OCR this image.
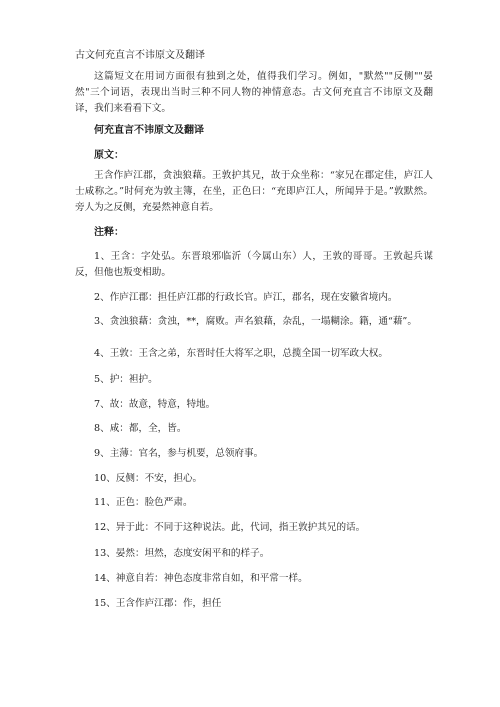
古文何充直言不讳原文及翻译

这篇短文在用词方面很有独到之处，值得我们学习。例如，"默然""反侧""晏然"三个词语，表现出当时三种不同人物的神情意态。古文何充直言不讳原文及翻译，我们来看看下文。

何充直言不讳原文及翻译
原文：

王含作庐江郡，贪浊狼藉。王敦护其兄，故于众坐称：“家兄在郡定佳，庐江人士咸称之。”时何充为敦主簿，在坐，正色曰：“充即庐江人，所闻异于是。”敦默然。旁人为之反侧，充晏然神意自若。

注释：

1、王含：字处弘。东晋琅邪临沂（今属山东）人，王敦的哥哥。王敦起兵谋反，但他也叛变相助。

2、作庐江郡：担任庐江郡的行政长官。庐江，郡名，现在安徽省境内。

3、贪浊狼藉：贪浊，**，腐败。声名狼藉，杂乱，一塌糊涂。籍，通“藉”。

4、王敦：王含之弟，东晋时任大将军之职，总揽全国一切军政大权。

5、护：袒护。

7、故：故意，特意，特地。

8、咸：都，全，皆。

9、主薄：官名，参与机要，总领府事。

10、反侧：不安，担心。

11、正色：脸色严肃。

12、异于此：不同于这种说法。此，代词，指王敦护其兄的话。

13、晏然：坦然，态度安闲平和的样子。

14、神意自若：神色态度非常自如，和平常一样。

15、王含作庐江郡：作，担任
